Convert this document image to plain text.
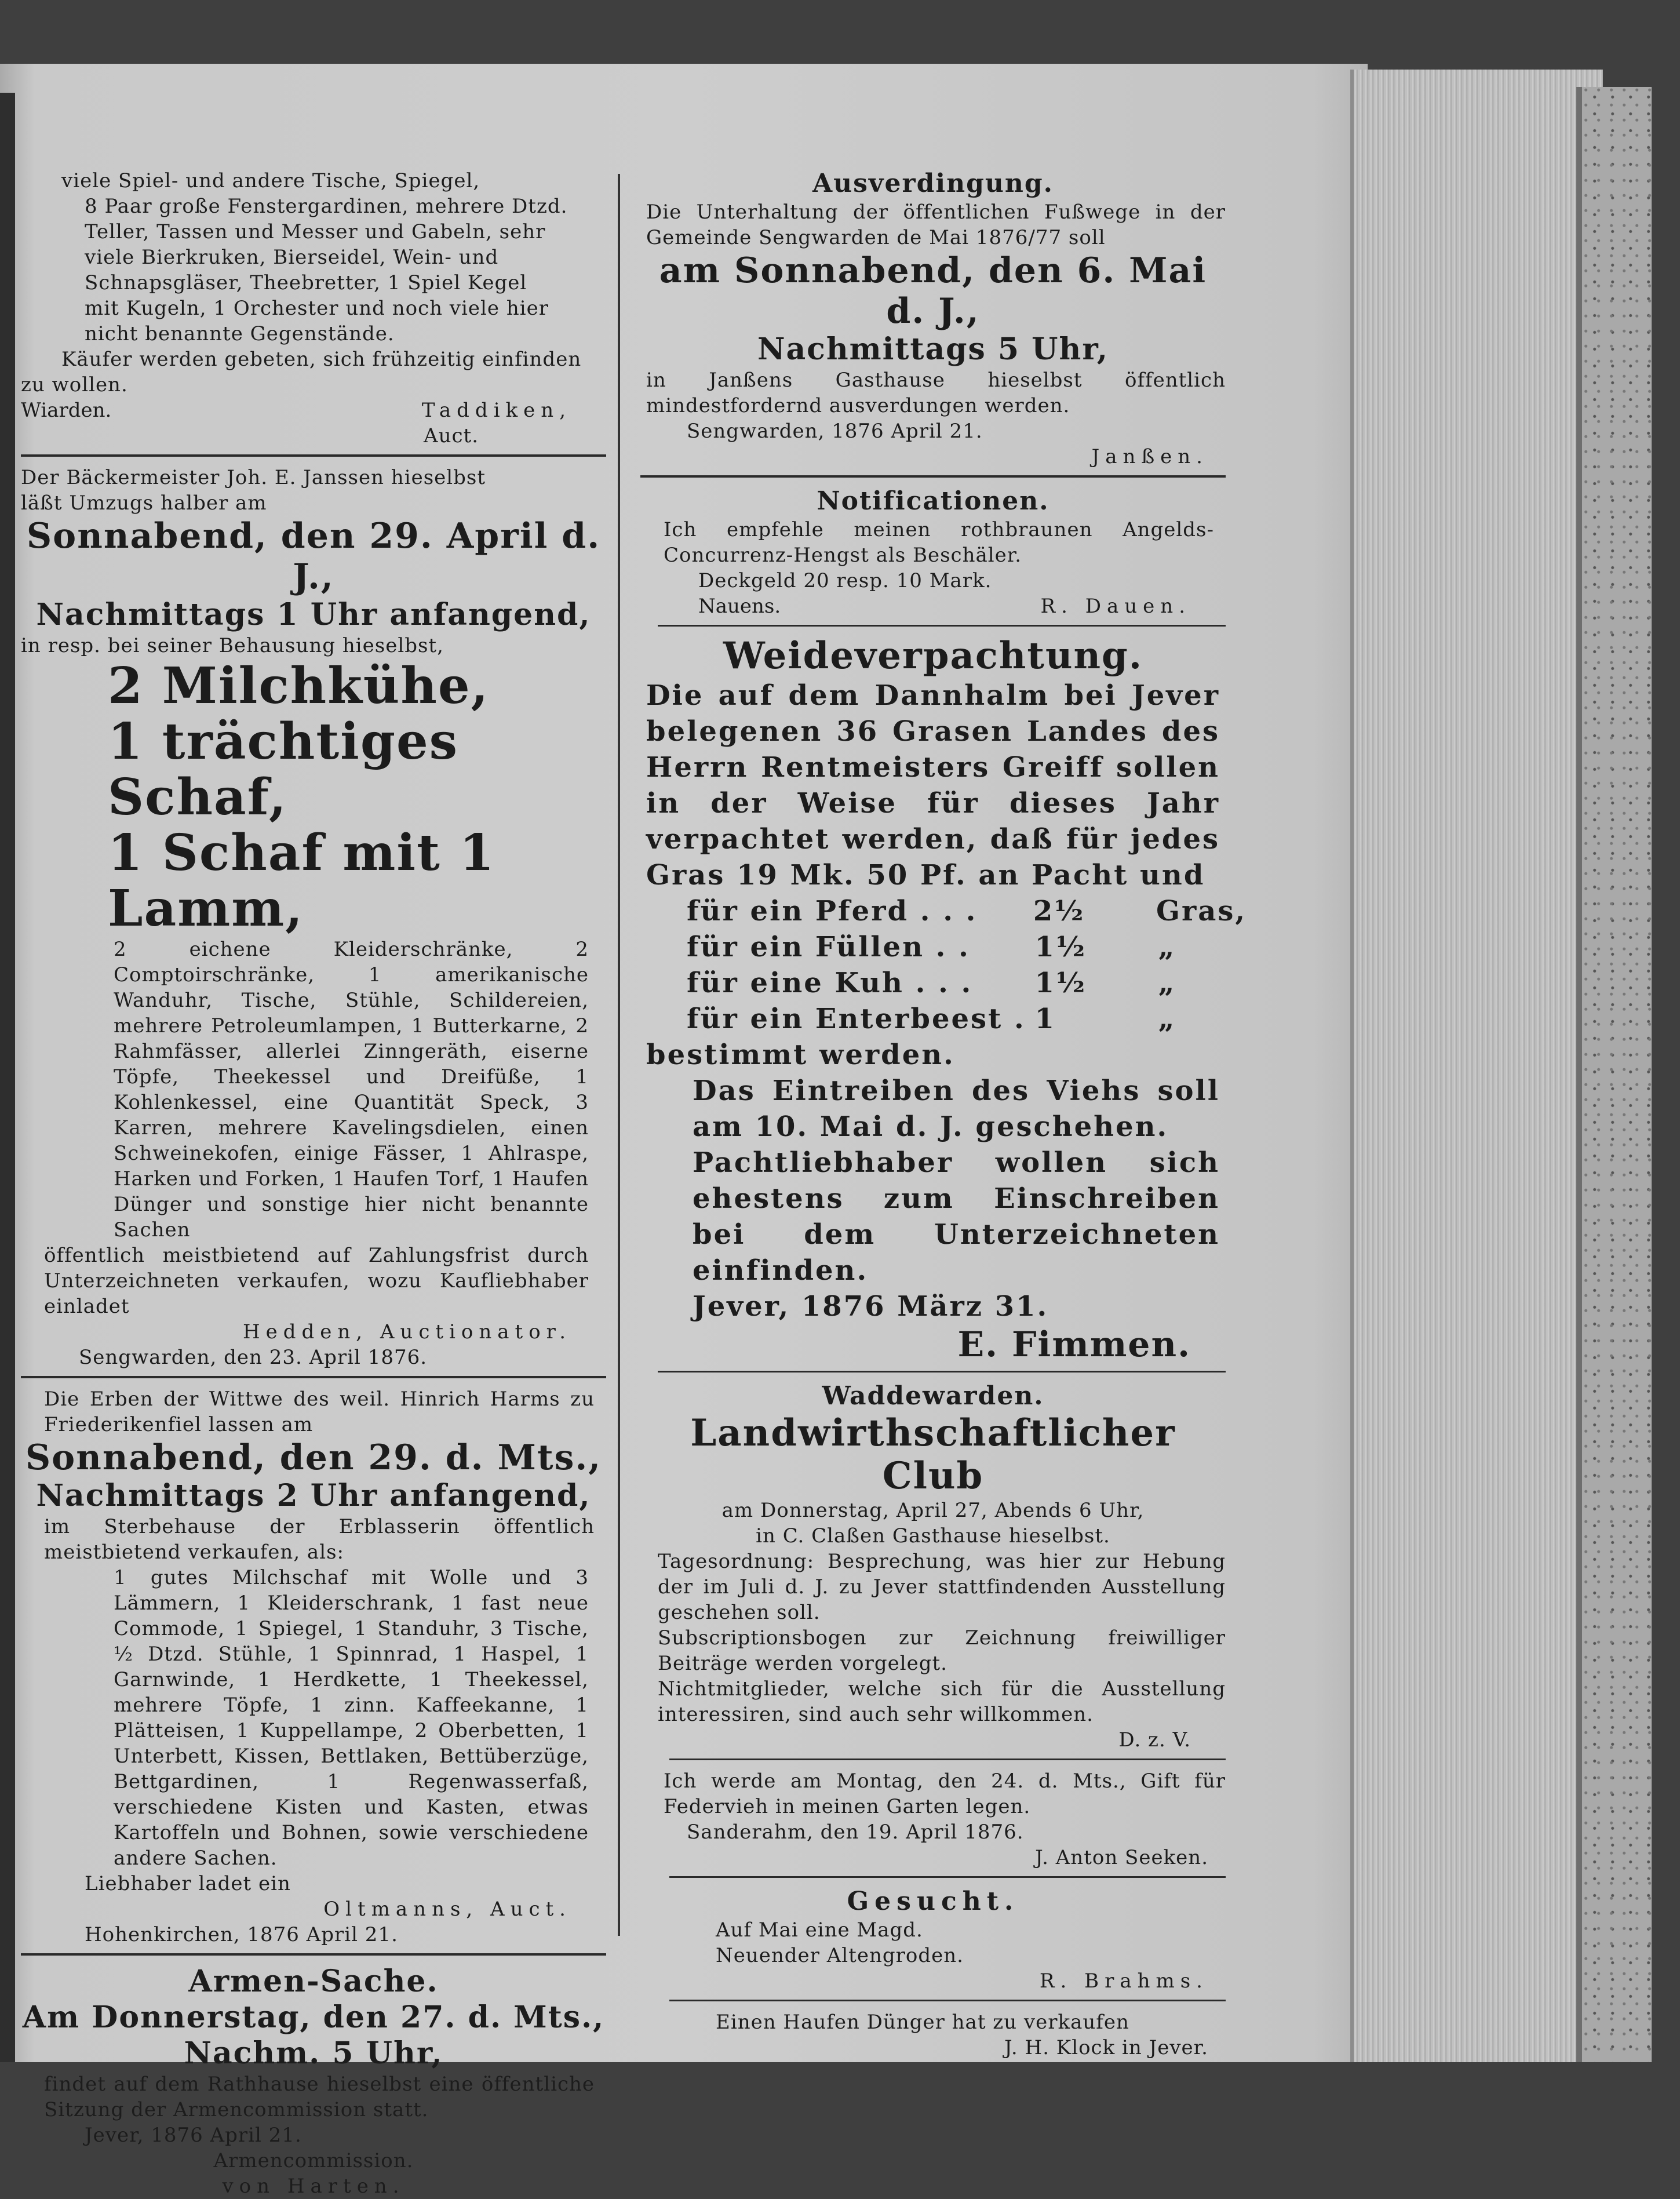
viele Spiel- und andere Tische, Spiegel,

8 Paar große Fenstergardinen, mehrere Dtzd.

Teller, Tassen und Messer und Gabeln, sehr

viele Bierkruken, Bierseidel, Wein- und

Schnapsgläser, Theebretter, 1 Spiel Kegel

mit Kugeln, 1 Orchester und noch viele hier

nicht benannte Gegenstände.

Käufer werden gebeten, sich frühzeitig einfinden

zu wollen.

Wiarden.	Taddiken,

Auct.

Der Bäckermeister Joh. E. Janssen hieselbst

läßt Umzugs halber am

Sonnabend, den 29. April d. J.,

Nachmittags 1 Uhr anfangend,

in resp. bei seiner Behausung hieselbst,

2 Milchkühe,

1 trächtiges Schaf,

1 Schaf mit 1 Lamm,

2 eichene Kleiderschränke, 2 Comptoirschränke, 1 amerikanische Wanduhr, Tische, Stühle, Schildereien, mehrere Petroleumlampen, 1 Butterkarne, 2 Rahmfässer, allerlei Zinngeräth, eiserne Töpfe, Theekessel und Dreifüße, 1 Kohlenkessel, eine Quantität Speck, 3 Karren, mehrere Kavelingsdielen, einen Schweinekofen, einige Fässer, 1 Ahlraspe, Harken und Forken, 1 Haufen Torf, 1 Haufen Dünger und sonstige hier nicht benannte Sachen

öffentlich meistbietend auf Zahlungsfrist durch Unterzeichneten verkaufen, wozu Kaufliebhaber einladet

Hedden, Auctionator.

Sengwarden, den 23. April 1876.

Die Erben der Wittwe des weil. Hinrich Harms zu Friederikenfiel lassen am

Sonnabend, den 29. d. Mts.,

Nachmittags 2 Uhr anfangend,

im Sterbehause der Erblasserin öffentlich meistbietend verkaufen, als:

1 gutes Milchschaf mit Wolle und 3 Lämmern, 1 Kleiderschrank, 1 fast neue Commode, 1 Spiegel, 1 Standuhr, 3 Tische, ½ Dtzd. Stühle, 1 Spinnrad, 1 Haspel, 1 Garnwinde, 1 Herdkette, 1 Theekessel, mehrere Töpfe, 1 zinn. Kaffeekanne, 1 Plätteisen, 1 Kuppellampe, 2 Oberbetten, 1 Unterbett, Kissen, Bettlaken, Bettüberzüge, Bettgardinen, 1 Regenwasserfaß, verschiedene Kisten und Kasten, etwas Kartoffeln und Bohnen, sowie verschiedene andere Sachen.

Liebhaber ladet ein

Oltmanns, Auct.

Hohenkirchen, 1876 April 21.

Armen-Sache.

Am Donnerstag, den 27. d. Mts.,

Nachm. 5 Uhr,

findet auf dem Rathhause hieselbst eine öffentliche Sitzung der Armencommission statt.

Jever, 1876 April 21.

Armencommission.

von Harten.

Ausverdingung.

Die Unterhaltung der öffentlichen Fußwege in der Gemeinde Sengwarden de Mai 1876/77 soll

am Sonnabend, den 6. Mai d. J.,

Nachmittags 5 Uhr,

in Janßens Gasthause hieselbst öffentlich mindestfordernd ausverdungen werden.

Sengwarden, 1876 April 21.

Janßen.

Notificationen.

Ich empfehle meinen rothbraunen Angelds-Concurrenz-Hengst als Beschäler.

Deckgeld 20 resp. 10 Mark.

Nauens.	R. Dauen.

Weideverpachtung.

Die auf dem Dannhalm bei Jever belegenen 36 Grasen Landes des Herrn Rentmeisters Greiff sollen in der Weise für dieses Jahr verpachtet werden, daß für jedes Gras 19 Mk. 50 Pf. an Pacht und

für ein Pferd . . .	2½	Gras,
für ein Füllen . .	1½	„
für eine Kuh . . .	1½	„
für ein Enterbeest . 1	„

bestimmt werden.

Das Eintreiben des Viehs soll am 10. Mai d. J. geschehen.

Pachtliebhaber wollen sich ehestens zum Einschreiben bei dem Unterzeichneten einfinden.

Jever, 1876 März 31.

E. Fimmen.

Waddewarden.

Landwirthschaftlicher Club

am Donnerstag, April 27, Abends 6 Uhr,

in C. Claßen Gasthause hieselbst.

Tagesordnung: Besprechung, was hier zur Hebung der im Juli d. J. zu Jever stattfindenden Ausstellung geschehen soll.

Subscriptionsbogen zur Zeichnung freiwilliger Beiträge werden vorgelegt.

Nichtmitglieder, welche sich für die Ausstellung interessiren, sind auch sehr willkommen.

D. z. V.

Ich werde am Montag, den 24. d. Mts., Gift für Federvieh in meinen Garten legen.

Sanderahm, den 19. April 1876.

J. Anton Seeken.

Gesucht.

Auf Mai eine Magd.

Neuender Altengroden.

R. Brahms.

Einen Haufen Dünger hat zu verkaufen

J. H. Klock in Jever.
